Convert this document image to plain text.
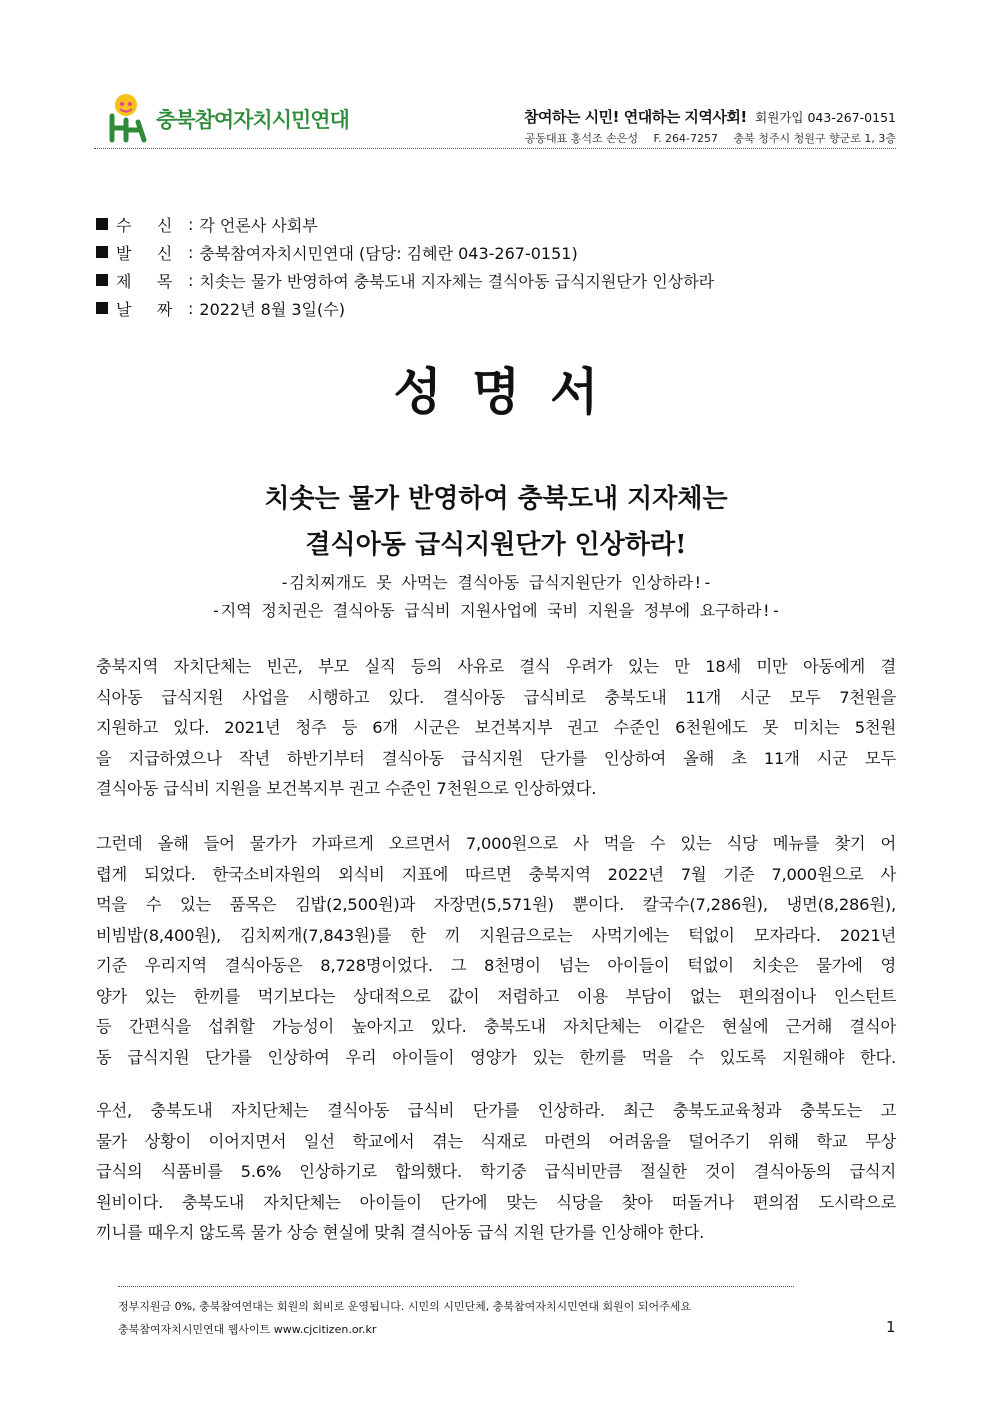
충북참여자치시민연대	참여하는 시민! 연대하는 지역사회! 회원가입 043-267-0151
공동대표 홍석조 손은성 F. 264-7257 충북 청주시 청원구 향군로 1, 3층
수     신 : 각 언론사 사회부
발     신 : 충북참여자치시민연대 (담당: 김혜란 043-267-0151)
제     목 : 치솟는 물가 반영하여 충북도내 지자체는 결식아동 급식지원단가 인상하라
날     짜 : 2022년 8월 3일(수)
성명서
치솟는 물가 반영하여 충북도내 지자체는
결식아동 급식지원단가 인상하라!
-김치찌개도 못 사먹는 결식아동 급식지원단가 인상하라!-
-지역 정치권은 결식아동 급식비 지원사업에 국비 지원을 정부에 요구하라!-
충북지역 자치단체는 빈곤, 부모 실직 등의 사유로 결식 우려가 있는 만 18세 미만 아동에게 결
식아동 급식지원 사업을 시행하고 있다. 결식아동 급식비로 충북도내 11개 시군 모두 7천원을
지원하고 있다. 2021년 청주 등 6개 시군은 보건복지부 권고 수준인 6천원에도 못 미치는 5천원
을 지급하였으나 작년 하반기부터 결식아동 급식지원 단가를 인상하여 올해 초 11개 시군 모두
결식아동 급식비 지원을 보건복지부 권고 수준인 7천원으로 인상하였다.
그런데 올해 들어 물가가 가파르게 오르면서 7,000원으로 사 먹을 수 있는 식당 메뉴를 찾기 어
렵게 되었다. 한국소비자원의 외식비 지표에 따르면 충북지역 2022년 7월 기준 7,000원으로 사
먹을 수 있는 품목은 김밥(2,500원)과 자장면(5,571원) 뿐이다. 칼국수(7,286원), 냉면(8,286원),
비빔밥(8,400원), 김치찌개(7,843원)를 한 끼 지원금으로는 사먹기에는 턱없이 모자라다. 2021년
기준 우리지역 결식아동은 8,728명이었다. 그 8천명이 넘는 아이들이 턱없이 치솟은 물가에 영
양가 있는 한끼를 먹기보다는 상대적으로 값이 저렴하고 이용 부담이 없는 편의점이나 인스턴트
등 간편식을 섭취할 가능성이 높아지고 있다. 충북도내 자치단체는 이같은 현실에 근거해 결식아
동 급식지원 단가를 인상하여 우리 아이들이 영양가 있는 한끼를 먹을 수 있도록 지원해야 한다.
우선, 충북도내 자치단체는 결식아동 급식비 단가를 인상하라. 최근 충북도교육청과 충북도는 고
물가 상황이 이어지면서 일선 학교에서 겪는 식재로 마련의 어려움을 덜어주기 위해 학교 무상
급식의 식품비를 5.6% 인상하기로 합의했다. 학기중 급식비만큼 절실한 것이 결식아동의 급식지
원비이다. 충북도내 자치단체는 아이들이 단가에 맞는 식당을 찾아 떠돌거나 편의점 도시락으로
끼니를 때우지 않도록 물가 상승 현실에 맞춰 결식아동 급식 지원 단가를 인상해야 한다.
정부지원금 0%, 충북참여연대는 회원의 회비로 운영됩니다. 시민의 시민단체, 충북참여자치시민연대 회원이 되어주세요
충북참여자치시민연대 웹사이트 www.cjcitizen.or.kr	1
